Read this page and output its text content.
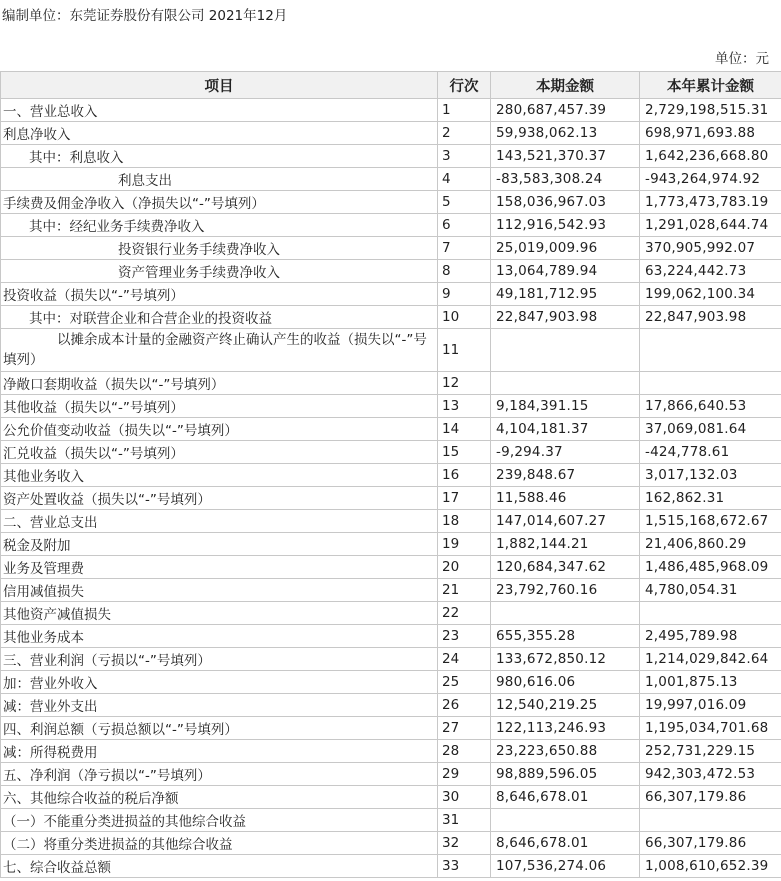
编制单位：东莞证券股份有限公司 2021年12月
单位：元
项目	行次	本期金额	本年累计金额
一、营业总收入	1	280,687,457.39	2,729,198,515.31
利息净收入	2	59,938,062.13	698,971,693.88
其中：利息收入	3	143,521,370.37	1,642,236,668.80
利息支出	4	-83,583,308.24	-943,264,974.92
手续费及佣金净收入（净损失以“-”号填列）	5	158,036,967.03	1,773,473,783.19
其中：经纪业务手续费净收入	6	112,916,542.93	1,291,028,644.74
投资银行业务手续费净收入	7	25,019,009.96	370,905,992.07
资产管理业务手续费净收入	8	13,064,789.94	63,224,442.73
投资收益（损失以“-”号填列）	9	49,181,712.95	199,062,100.34
其中：对联营企业和合营企业的投资收益	10	22,847,903.98	22,847,903.98
　　　　以摊余成本计量的金融资产终止确认产生的收益（损失以“-”号填列）	11		
净敞口套期收益（损失以“-”号填列）	12		
其他收益（损失以“-”号填列）	13	9,184,391.15	17,866,640.53
公允价值变动收益（损失以“-”号填列）	14	4,104,181.37	37,069,081.64
汇兑收益（损失以“-”号填列）	15	-9,294.37	-424,778.61
其他业务收入	16	239,848.67	3,017,132.03
资产处置收益（损失以“-”号填列）	17	11,588.46	162,862.31
二、营业总支出	18	147,014,607.27	1,515,168,672.67
税金及附加	19	1,882,144.21	21,406,860.29
业务及管理费	20	120,684,347.62	1,486,485,968.09
信用减值损失	21	23,792,760.16	4,780,054.31
其他资产减值损失	22		
其他业务成本	23	655,355.28	2,495,789.98
三、营业利润（亏损以“-”号填列）	24	133,672,850.12	1,214,029,842.64
加：营业外收入	25	980,616.06	1,001,875.13
减：营业外支出	26	12,540,219.25	19,997,016.09
四、利润总额（亏损总额以“-”号填列）	27	122,113,246.93	1,195,034,701.68
减：所得税费用	28	23,223,650.88	252,731,229.15
五、净利润（净亏损以“-”号填列）	29	98,889,596.05	942,303,472.53
六、其他综合收益的税后净额	30	8,646,678.01	66,307,179.86
（一）不能重分类进损益的其他综合收益	31		
（二）将重分类进损益的其他综合收益	32	8,646,678.01	66,307,179.86
七、综合收益总额	33	107,536,274.06	1,008,610,652.39
